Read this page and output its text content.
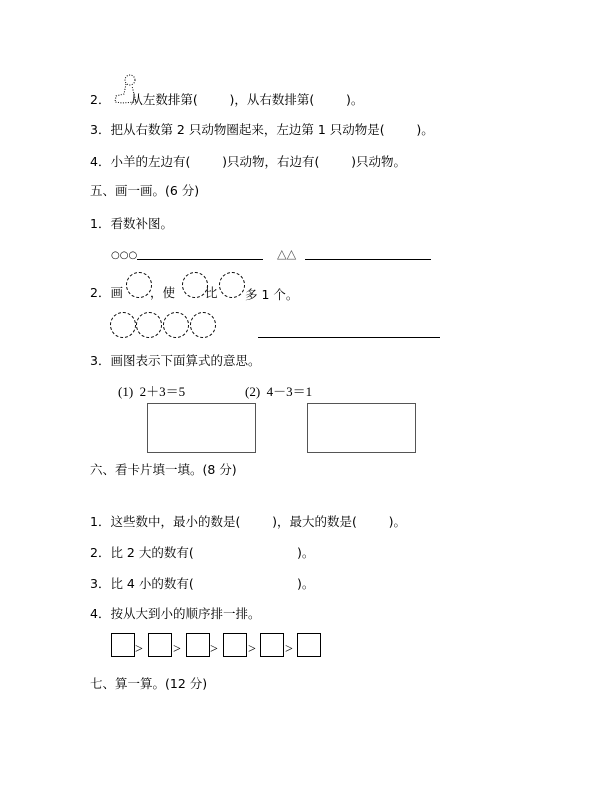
2．     从左数排第(        )，从右数排第(        )。
3．把从右数第 2 只动物圈起来，左边第 1 只动物是(        )。
4．小羊的左边有(        )只动物，右边有(        )只动物。
五、画一画。(6 分)
1．看数补图。
○○○	△△
2．画 ，使 比 多 1 个。
3．画图表示下面算式的意思。
(1)  2＋3＝5	(2)  4－3＝1
六、看卡片填一填。(8 分)
1．这些数中，最小的数是(        )，最大的数是(        )。
2．比 2 大的数有(                          )。
3．比 4 小的数有(                          )。
4．按从大到小的顺序排一排。
> > > > >
七、算一算。(12 分)
